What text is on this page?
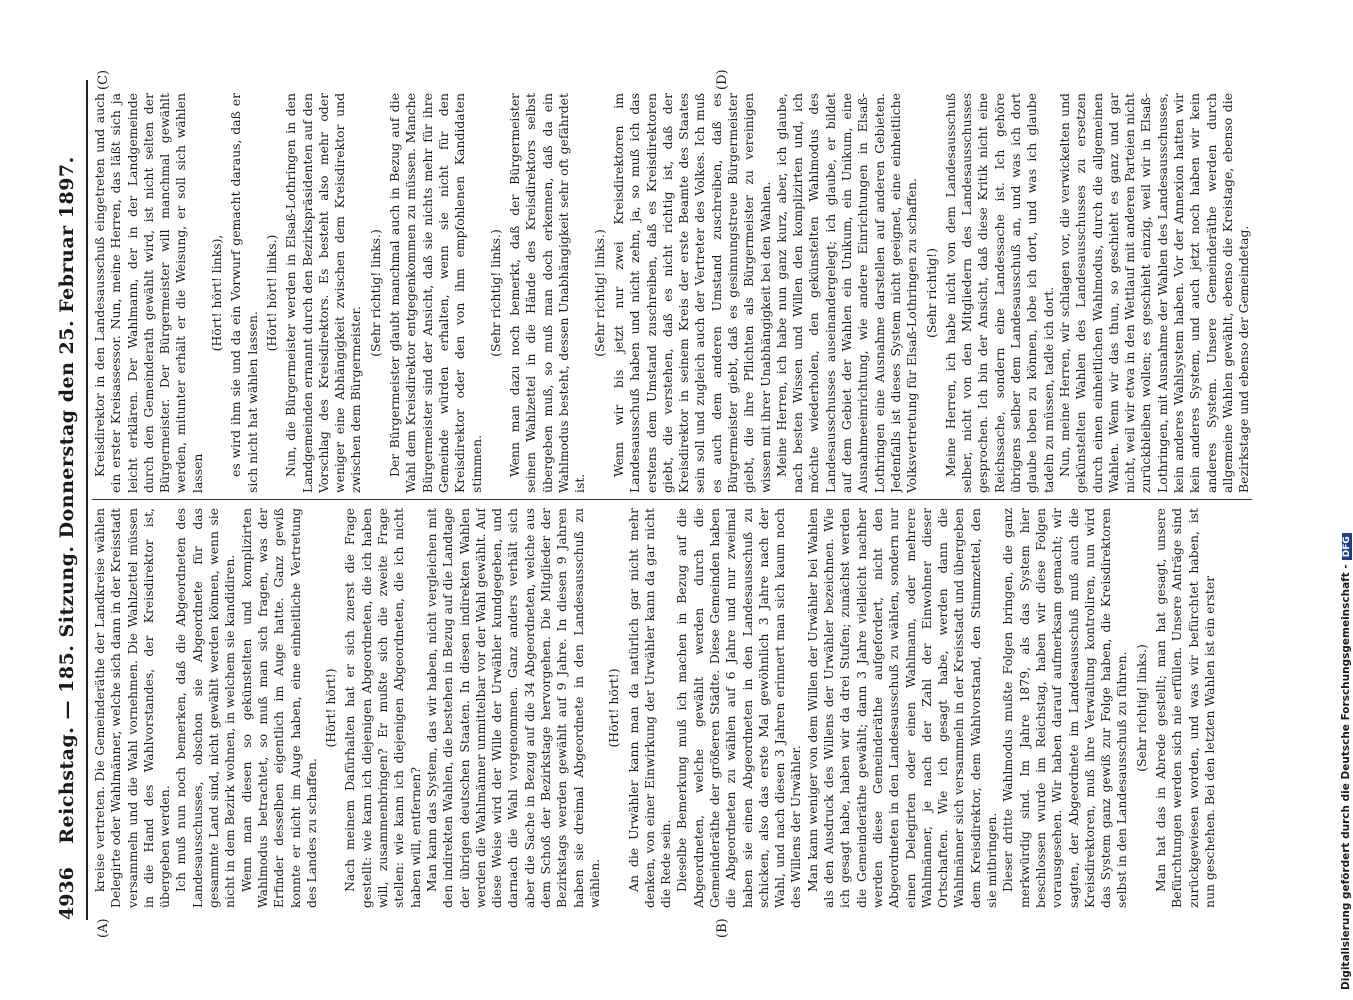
4936
Reichstag. — 185. Sitzung. Donnerstag den 25. Februar 1897.
(A)	(B)
(C)	(D)

kreise vertreten. Die Gemeinderäthe der Landkreise wählen Delegirte oder Wahlmänner, welche sich dann in der Kreisstadt versammeln und die Wahl vornehmen. Die Wahlzettel müssen in die Hand des Wahlvorstandes, der Kreisdirektor ist, übergeben werden. Ich muß nun noch bemerken, daß die Abgeordneten des Landesausschusses, obschon sie Abgeordnete für das gesammte Land sind, nicht gewählt werden können, wenn sie nicht in dem Bezirk wohnen, in welchem sie kandidiren. Wenn man diesen so gekünstelten und komplizirten Wahlmodus betrachtet, so muß man sich fragen, was der Erfinder desselben eigentlich im Auge hatte. Ganz gewiß konnte er nicht im Auge haben, eine einheitliche Vertretung des Landes zu schaffen.

(Hört! hört!) Nach meinem Dafürhalten hat er sich zuerst die Frage gestellt: wie kann ich diejenigen Abgeordneten, die ich haben will, zusammenbringen? Er mußte sich die zweite Frage stellen: wie kann ich diejenigen Abgeordneten, die ich nicht haben will, entfernen? Man kann das System, das wir haben, nicht vergleichen mit den indirekten Wahlen, die bestehen in Bezug auf die Landtage der übrigen deutschen Staaten. In diesen indirekten Wahlen werden die Wahlmänner unmittelbar vor der Wahl gewählt. Auf diese Weise wird der Wille der Urwähler kundgegeben, und darnach die Wahl vorgenommen. Ganz anders verhält sich aber die Sache in Bezug auf die 34 Abgeordneten, welche aus dem Schoß der Bezirkstage hervorgehen. Die Mitglieder der Bezirkstags werden gewählt auf 9 Jahre. In diesen 9 Jahren haben sie dreimal Abgeordnete in den Landesausschuß zu wählen.

(Hört! hört!) An die Urwähler kann man da natürlich gar nicht mehr denken, von einer Einwirkung der Urwähler kann da gar nicht die Rede sein. Dieselbe Bemerkung muß ich machen in Bezug auf die Abgeordneten, welche gewählt werden durch die Gemeinderäthe der größeren Städte. Diese Gemeinden haben die Abgeordneten zu wählen auf 6 Jahre und nur zweimal haben sie einen Abgeordneten in den Landesausschuß zu schicken, also das erste Mal gewöhnlich 3 Jahre nach der Wahl, und nach diesen 3 Jahren erinnert man sich kaum noch des Willens der Urwähler. Man kann weniger von dem Willen der Urwähler bei Wahlen als den Ausdruck des Willens der Urwähler bezeichnen. Wie ich gesagt habe, haben wir da drei Stufen; zunächst werden die Gemeinderäthe gewählt; dann 3 Jahre vielleicht nachher werden diese Gemeinderäthe aufgefordert, nicht den Abgeordneten in den Landesausschuß zu wählen, sondern nur einen Delegirten oder einen Wahlmann, oder mehrere Wahlmänner, je nach der Zahl der Einwohner dieser Ortschaften. Wie ich gesagt habe, werden dann die Wahlmänner sich versammeln in der Kreisstadt und übergeben dem Kreisdirektor, dem Wahlvorstand, den Stimmzettel, den sie mitbringen. Dieser dritte Wahlmodus mußte Folgen bringen, die ganz merkwürdig sind. Im Jahre 1879, als das System hier beschlossen wurde im Reichstag, haben wir diese Folgen vorausgesehen. Wir haben darauf aufmerksam gemacht; wir sagten, der Abgeordnete im Landesausschuß muß auch die Kreisdirektoren, muß ihre Verwaltung kontroliren, nun wird das System ganz gewiß zur Folge haben, die Kreisdirektoren selbst in den Landesausschuß zu führen. (Sehr richtig! links.) Man hat das in Abrede gestellt; man hat gesagt, unsere Befürchtungen werden sich nie erfüllen. Unsere Anträge sind zurückgewiesen worden, und was wir befürchtet haben, ist nun geschehen. Bei den letzten Wahlen ist ein erster

Kreisdirektor in den Landesausschuß eingetreten und auch ein erster Kreisassessor. Nun, meine Herren, das läßt sich ja leicht erklären. Der Wahlmann, der in der Landgemeinde durch den Gemeinderath gewählt wird, ist nicht selten der Bürgermeister. Der Bürgermeister will manchmal gewählt werden, mitunter erhält er die Weisung, er soll sich wählen lassen

(Hört! hört! links), es wird ihm sie und da ein Vorwurf gemacht daraus, daß er sich nicht hat wählen lassen.

(Hört! hört! links.) Nun, die Bürgermeister werden in Elsaß-Lothringen in den Landgemeinden ernannt durch den Bezirkspräsidenten auf den Vorschlag des Kreisdirektors. Es besteht also mehr oder weniger eine Abhängigkeit zwischen dem Kreisdirektor und zwischen dem Bürgermeister.

(Sehr richtig! links.) Der Bürgermeister glaubt manchmal auch in Bezug auf die Wahl dem Kreisdirektor entgegenkommen zu müssen. Manche Bürgermeister sind der Ansicht, daß sie nichts mehr für ihre Gemeinde würden erhalten, wenn sie nicht für den Kreisdirektor oder den von ihm empfohlenen Kandidaten stimmen.

(Sehr richtig! links.) Wenn man dazu noch bemerkt, daß der Bürgermeister seinen Wahlzettel in die Hände des Kreisdirektors selbst übergeben muß, so muß man doch erkennen, daß da ein Wahlmodus besteht, dessen Unabhängigkeit sehr oft gefährdet ist.

(Sehr richtig! links.) Wenn wir bis jetzt nur zwei Kreisdirektoren im Landesausschuß haben und nicht zehn, ja, so muß ich das erstens dem Umstand zuschreiben, daß es Kreisdirektoren giebt, die verstehen, daß es nicht richtig ist, daß der Kreisdirektor in seinem Kreis der erste Beamte des Staates sein soll und zugleich auch der Vertreter des Volkes. Ich muß es auch dem anderen Umstand zuschreiben, daß es Bürgermeister giebt, daß es gesinnungstreue Bürgermeister giebt, die ihre Pflichten als Bürgermeister zu vereinigen wissen mit ihrer Unabhängigkeit bei den Wahlen. Meine Herren, ich habe nun ganz kurz, aber, ich glaube, nach besten Wissen und Willen den komplizirten und, ich möchte wiederholen, den gekünstelten Wahlmodus des Landesausschusses auseinandergelegt; ich glaube, er bildet auf dem Gebiet der Wahlen ein Unikum, ein Unikum, eine Ausnahmeeinrichtung, wie andere Einrichtungen in Elsaß-Lothringen eine Ausnahme darstellen auf anderen Gebieten. Jedenfalls ist dieses System nicht geeignet, eine einheitliche Volksvertretung für Elsaß-Lothringen zu schaffen. (Sehr richtig!) Meine Herren, ich habe nicht von dem Landesausschuß selber, nicht von den Mitgliedern des Landesausschusses gesprochen. Ich bin der Ansicht, daß diese Kritik nicht eine Reichssache, sondern eine Landessache ist. Ich gehöre übrigens selber dem Landesausschuß an, und was ich dort glaube loben zu können, lobe ich dort, und was ich glaube tadeln zu müssen, tadle ich dort. Nun, meine Herren, wir schlagen vor, die verwickelten und gekünstelten Wahlen des Landesausschusses zu ersetzen durch einen einheitlichen Wahlmodus, durch die allgemeinen Wahlen. Wenn wir das thun, so geschieht es ganz und gar nicht, weil wir etwa in den Wettlauf mit anderen Parteien nicht zurückbleiben wollen; es geschieht einzig, weil wir in Elsaß-Lothringen, mit Ausnahme der Wahlen des Landesausschusses, kein anderes Wahlsystem haben. Vor der Annexion hatten wir kein anderes System, und auch jetzt noch haben wir kein anderes System. Unsere Gemeinderäthe werden durch allgemeine Wahlen gewählt, ebenso die Kreistage, ebenso die Bezirkstage und ebenso der Gemeindetag.

Digitalisierung gefördert durch die Deutsche Forschungsgemeinschaft -DFG
